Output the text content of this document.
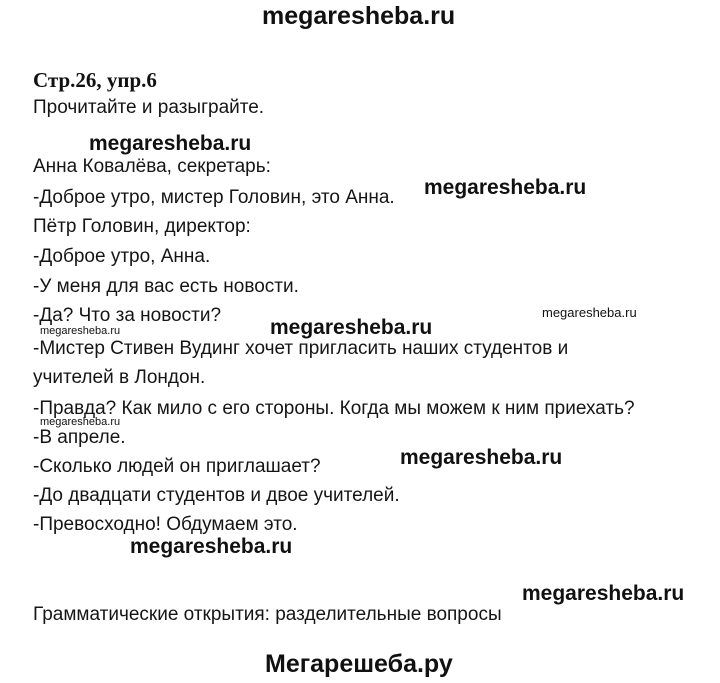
megaresheba.ru
Стр.26, упр.6
Прочитайте и разыграйте.
megaresheba.ru
Анна Ковалёва, секретарь:
-Доброе утро, мистер Головин, это Анна.
Пётр Головин, директор:
-Доброе утро, Анна.
-У меня для вас есть новости.
-Да? Что за новости?
-Мистер Стивен Вудинг хочет пригласить наших студентов и
учителей в Лондон.
-Правда? Как мило с его стороны. Когда мы можем к ним приехать?
-В апреле.
-Сколько людей он приглашает?
-До двадцати студентов и двое учителей.
-Превосходно! Обдумаем это.
megaresheba.ru
megaresheba.ru
megaresheba.ru	megaresheba.ru
megaresheba.ru
megaresheba.ru
megaresheba.ru
megaresheba.ru
Грамматические открытия: разделительные вопросы
Мегарешеба.ру
